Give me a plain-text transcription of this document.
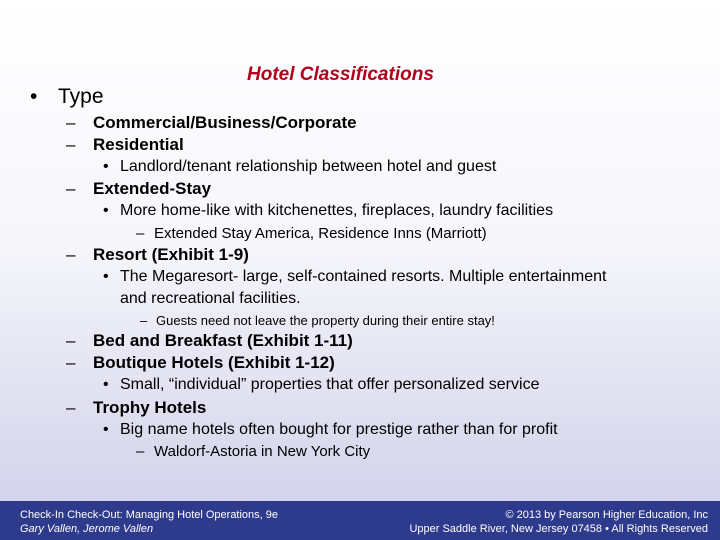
Hotel Classifications
• Type
– Commercial/Business/Corporate
– Residential
• Landlord/tenant relationship between hotel and guest
– Extended-Stay
• More home-like with kitchenettes, fireplaces, laundry facilities
– Extended Stay America, Residence Inns (Marriott)
– Resort (Exhibit 1-9)
• The Megaresort- large, self-contained resorts. Multiple entertainment
and recreational facilities.
– Guests need not leave the property during their entire stay!
– Bed and Breakfast (Exhibit 1-11)
– Boutique Hotels (Exhibit 1-12)
• Small, “individual” properties that offer personalized service
– Trophy Hotels
• Big name hotels often bought for prestige rather than for profit
– Waldorf-Astoria in New York City
Check-In Check-Out: Managing Hotel Operations, 9e
Gary Vallen, Jerome Vallen
© 2013 by Pearson Higher Education, Inc
Upper Saddle River, New Jersey 07458 • All Rights Reserved
